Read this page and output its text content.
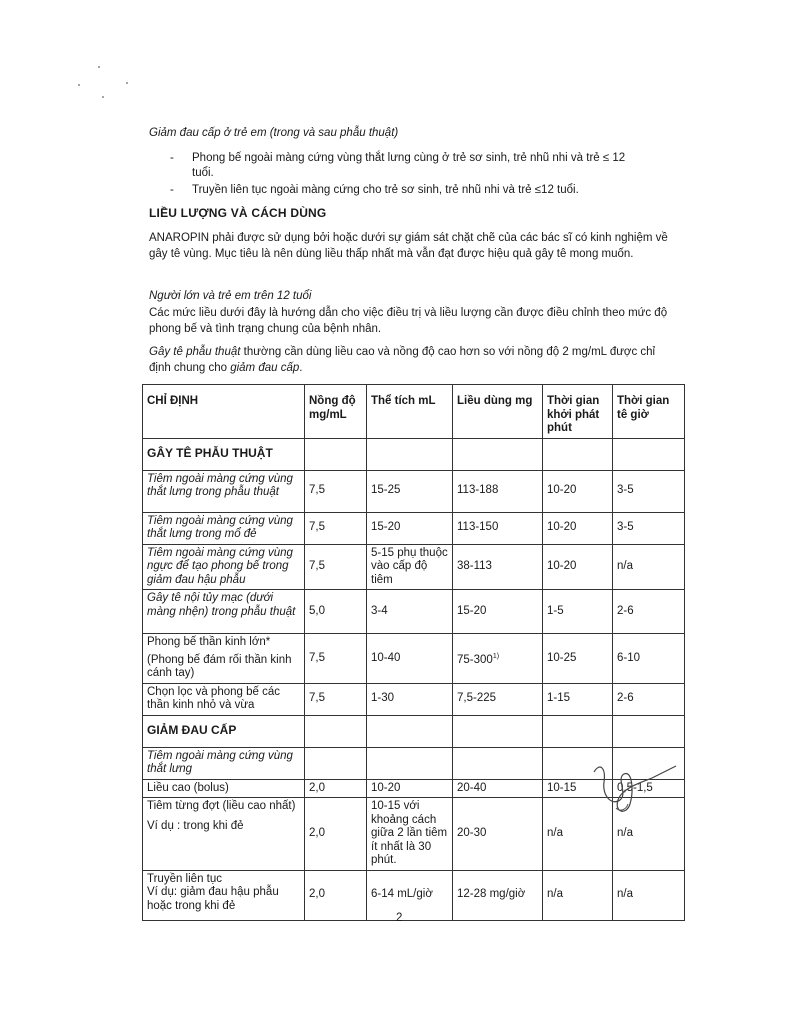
Giảm đau cấp ở trẻ em (trong và sau phẫu thuật)
- Phong bế ngoài màng cứng vùng thắt lưng cùng ở trẻ sơ sinh, trẻ nhũ nhi và trẻ ≤ 12 tuổi.
- Truyền liên tục ngoài màng cứng cho trẻ sơ sinh, trẻ nhũ nhi và trẻ ≤12 tuổi.
LIỀU LƯỢNG VÀ CÁCH DÙNG
ANAROPIN phải được sử dụng bởi hoặc dưới sự giám sát chặt chẽ của các bác sĩ có kinh nghiệm về gây tê vùng. Mục tiêu là nên dùng liều thấp nhất mà vẫn đạt được hiệu quả gây tê mong muốn.
Người lớn và trẻ em trên 12 tuổi
Các mức liều dưới đây là hướng dẫn cho việc điều trị và liều lượng cần được điều chỉnh theo mức độ phong bế và tình trạng chung của bệnh nhân.
Gây tê phẫu thuật thường cần dùng liều cao và nồng độ cao hơn so với nồng độ 2 mg/mL được chỉ định chung cho giảm đau cấp.
CHỈ ĐỊNH	Nồng độ mg/mL	Thể tích mL	Liều dùng mg	Thời gian khởi phát phút	Thời gian tê giờ
GÂY TÊ PHẪU THUẬT					
Tiêm ngoài màng cứng vùng thắt lưng trong phẫu thuật	7,5	15-25	113-188	10-20	3-5
Tiêm ngoài màng cứng vùng thắt lưng trong mổ đẻ	7,5	15-20	113-150	10-20	3-5
Tiêm ngoài màng cứng vùng ngực để tạo phong bế trong giảm đau hậu phẫu	7,5	5-15 phụ thuộc vào cấp độ tiêm	38-113	10-20	n/a
Gây tê nội tủy mạc (dưới màng nhện) trong phẫu thuật	5,0	3-4	15-20	1-5	2-6

Phong bế thần kinh lớn*
(Phong bế đám rối thần kinh cánh tay)	7,5	10-40	75-300$^{1)}$	10-25	6-10
Chọn lọc và phong bế các thần kinh nhỏ và vừa	7,5	1-30	7,5-225	1-15	2-6
GIẢM ĐAU CẤP					
Tiêm ngoài màng cứng vùng thắt lưng					
Liều cao (bolus)	2,0	10-20	20-40	10-15	0,5-1,5

Tiêm từng đợt (liều cao nhất)
Ví dụ : trong khi đẻ	2,0	10-15 với khoảng cách giữa 2 lần tiêm ít nhất là 30 phút.	20-30	n/a	n/a

Truyền liên tục
Ví dụ: giảm đau hậu phẫu hoặc trong khi đẻ	2,0	6-14 mL/giờ	12-28 mg/giờ	n/a	n/a
2
